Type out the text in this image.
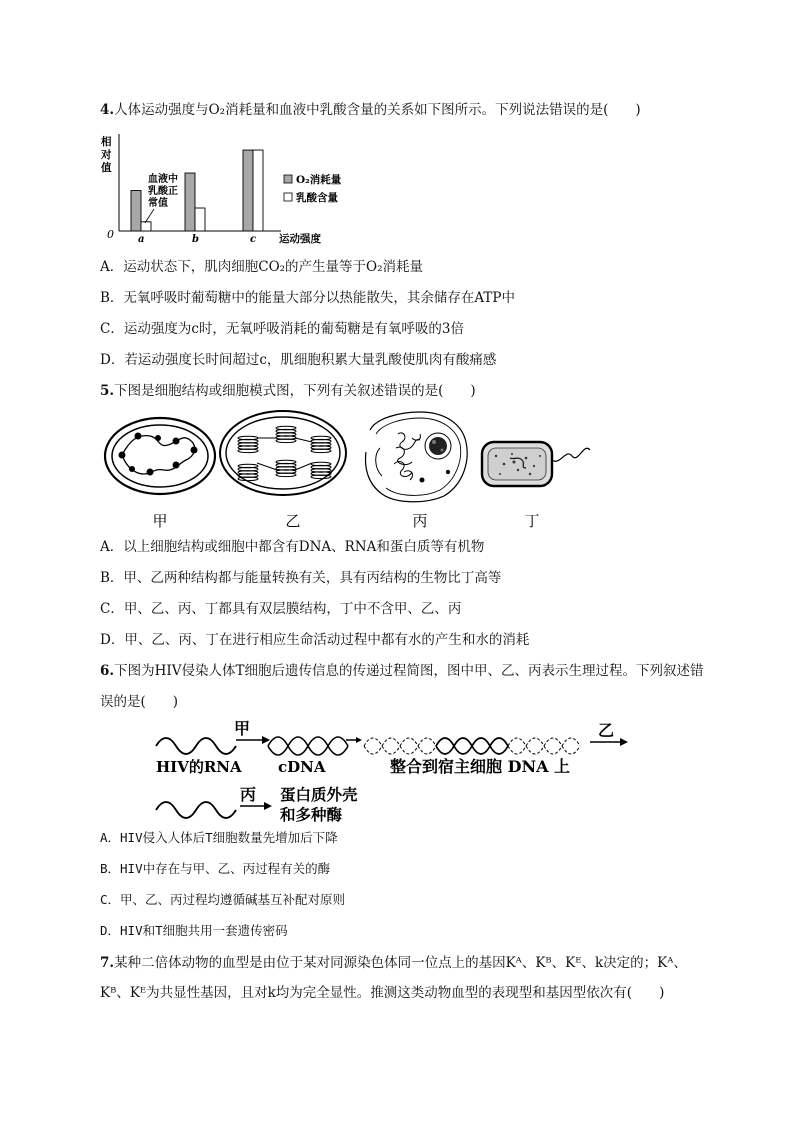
4.人体运动强度与O₂消耗量和血液中乳酸含量的关系如下图所示。下列说法错误的是(　　)
相
对
值
0
血液中
乳酸正
常值
a	b	c 运动强度
O₂消耗量
乳酸含量
A．运动状态下，肌肉细胞CO₂的产生量等于O₂消耗量
B．无氧呼吸时葡萄糖中的能量大部分以热能散失，其余储存在ATP中
C．运动强度为c时，无氧呼吸消耗的葡萄糖是有氧呼吸的3倍
D．若运动强度长时间超过c，肌细胞积累大量乳酸使肌肉有酸痛感
5.下图是细胞结构或细胞模式图，下列有关叙述错误的是(　　)
甲	乙	丙	丁
A．以上细胞结构或细胞中都含有DNA、RNA和蛋白质等有机物
B．甲、乙两种结构都与能量转换有关，具有丙结构的生物比丁高等
C．甲、乙、丙、丁都具有双层膜结构，丁中不含甲、乙、丙
D．甲、乙、丙、丁在进行相应生命活动过程中都有水的产生和水的消耗
6.下图为HIV侵染人体T细胞后遗传信息的传递过程简图，图中甲、乙、丙表示生理过程。下列叙述错
误的是(　　)
甲	乙
HIV的RNA cDNA	整合到宿主细胞 DNA 上
丙 蛋白质外壳
和多种酶
A．HIV侵入人体后T细胞数量先增加后下降
B．HIV中存在与甲、乙、丙过程有关的酶
C．甲、乙、丙过程均遵循碱基互补配对原则
D．HIV和T细胞共用一套遗传密码
7.某种二倍体动物的血型是由位于某对同源染色体同一位点上的基因Kᴬ、Kᴮ、Kᴱ、k决定的；Kᴬ、
Kᴮ、Kᴱ为共显性基因，且对k均为完全显性。推测这类动物血型的表现型和基因型依次有(　　)
